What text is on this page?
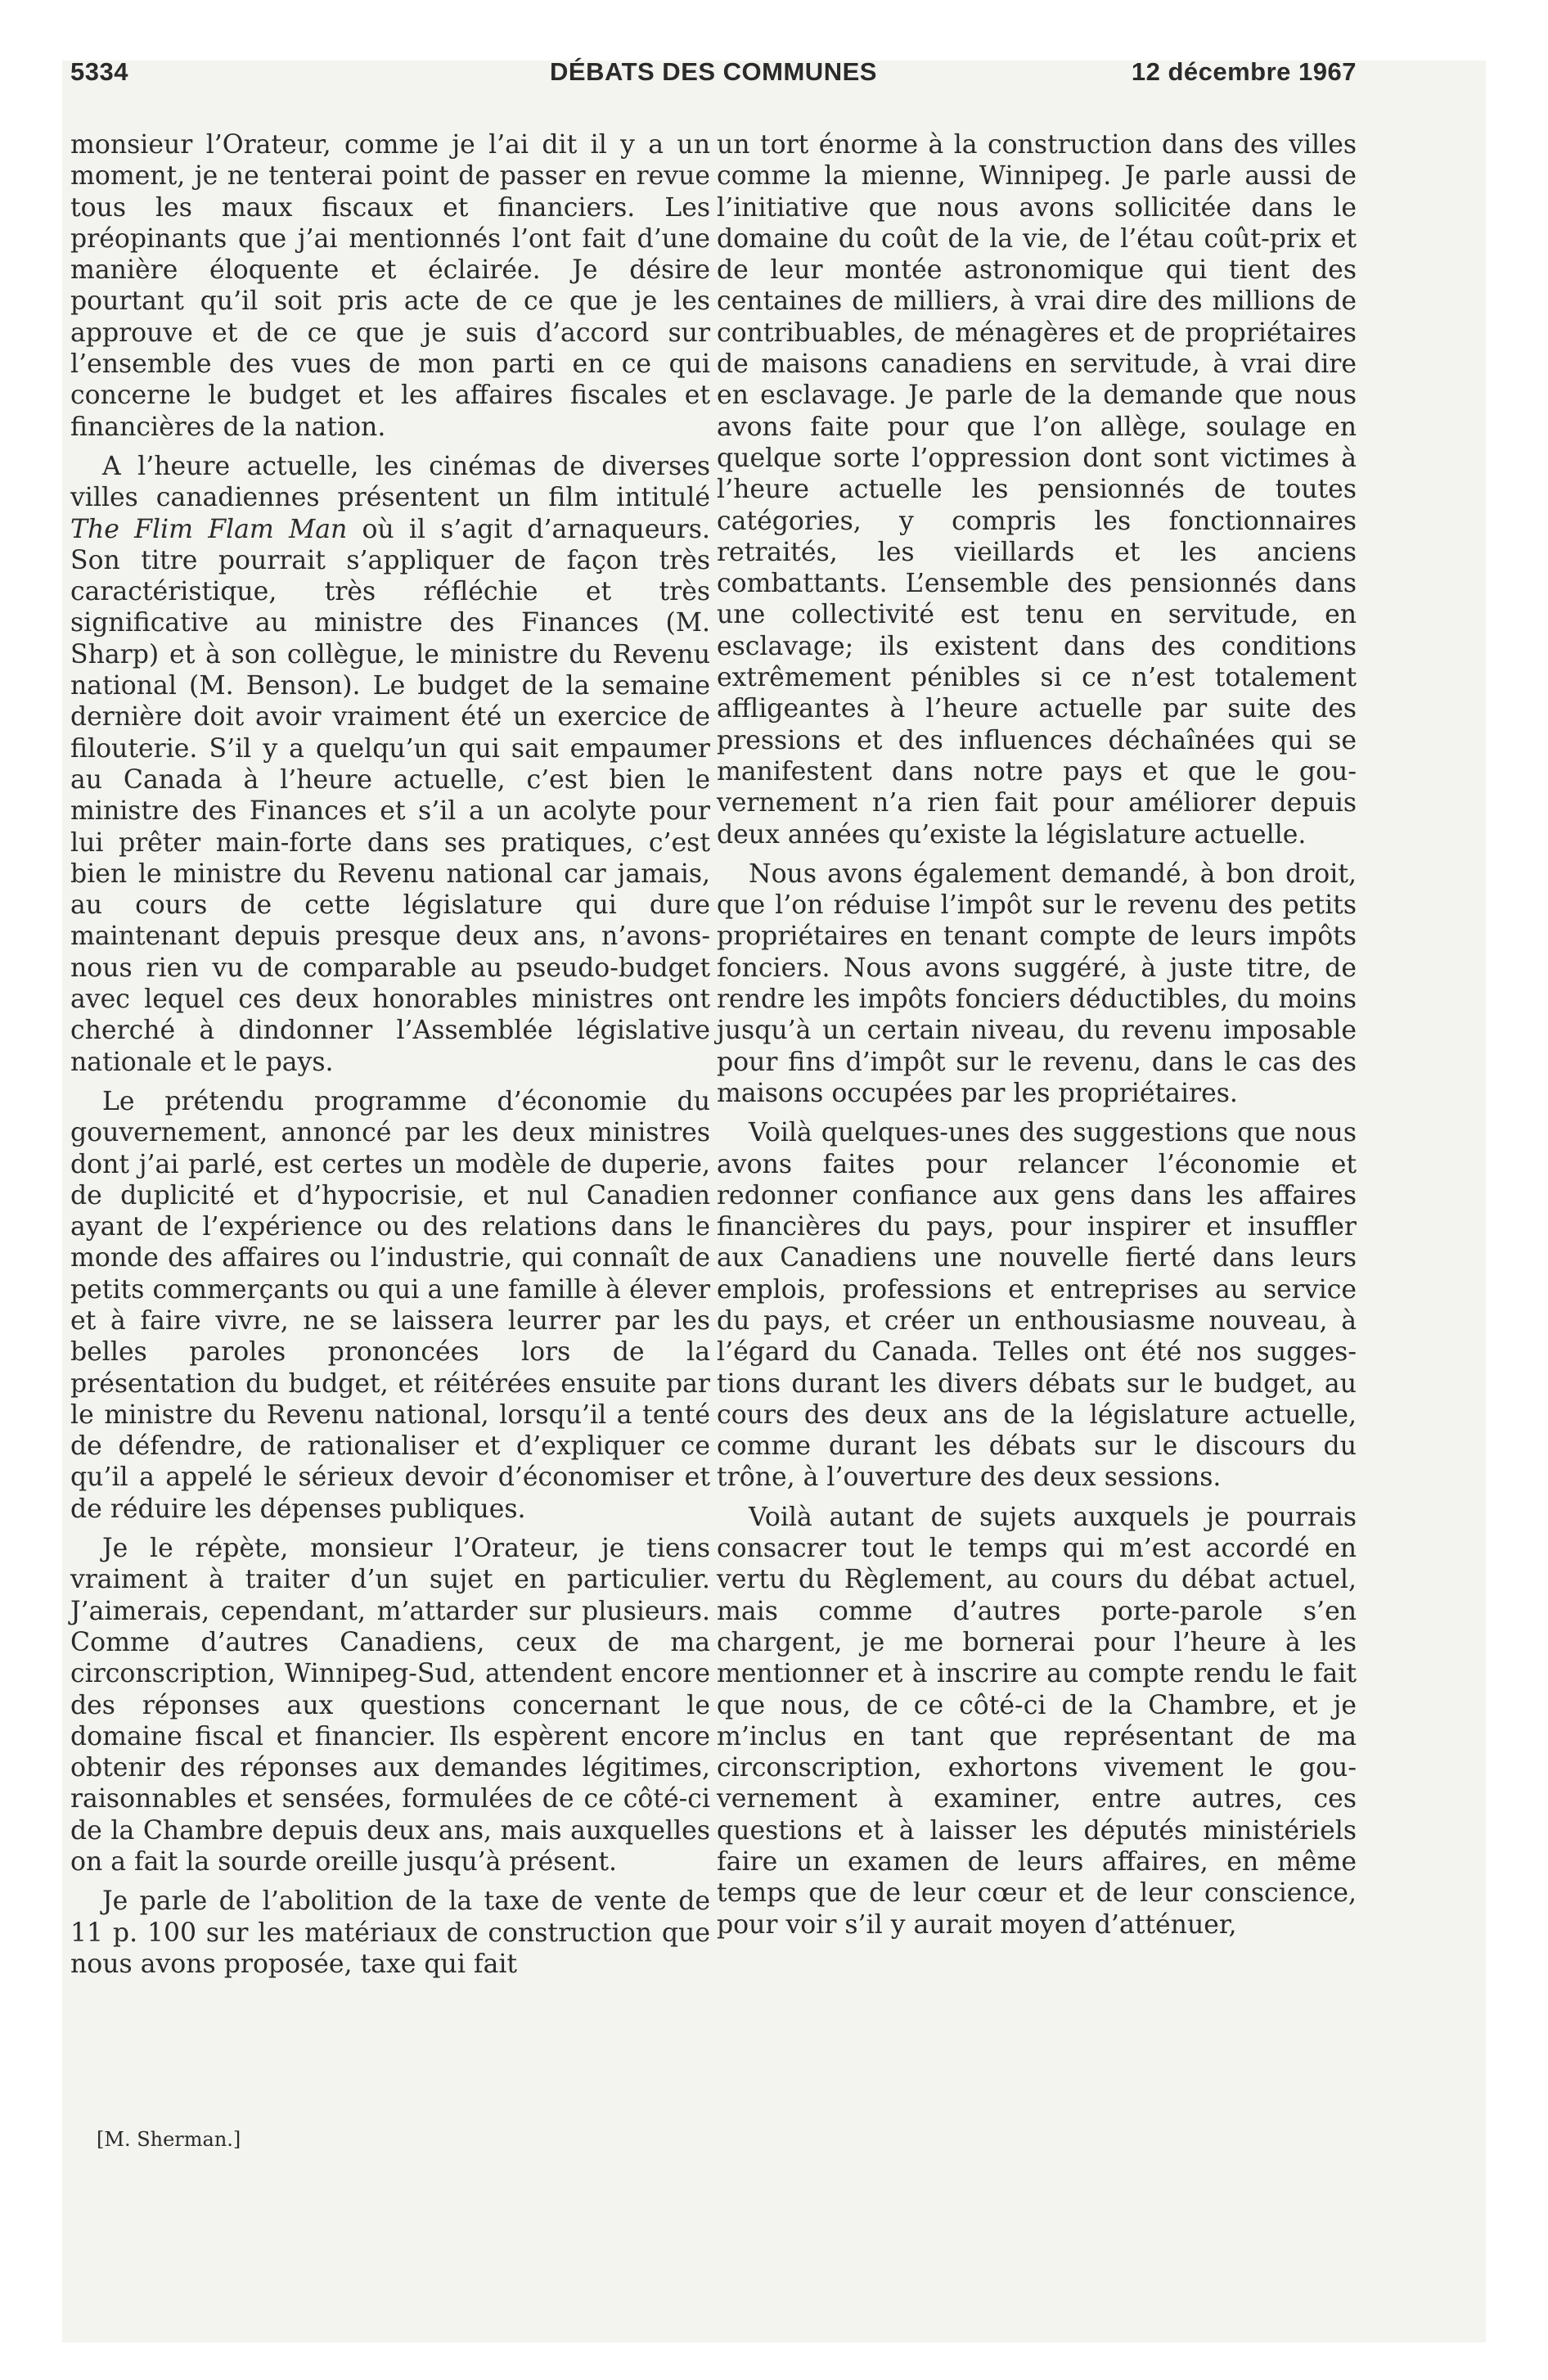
5334	DÉBATS DES COMMUNES	12 décembre 1967

monsieur l’Orateur, comme je l’ai dit il y a un moment, je ne tenterai point de passer en revue tous les maux fiscaux et financiers. Les préopinants que j’ai mentionnés l’ont fait d’une manière éloquente et éclairée. Je désire pourtant qu’il soit pris acte de ce que je les approuve et de ce que je suis d’accord sur l’ensemble des vues de mon parti en ce qui concerne le budget et les affaires fiscales et financières de la nation.

A l’heure actuelle, les cinémas de diverses villes canadiennes présentent un film intitulé The Flim Flam Man où il s’agit d’arnaqueurs. Son titre pourrait s’appliquer de façon très caractéristique, très réfléchie et très significative au ministre des Finances (M. Sharp) et à son collègue, le ministre du Revenu national (M. Benson). Le budget de la semaine dernière doit avoir vraiment été un exercice de filouterie. S’il y a quelqu’un qui sait empaumer au Canada à l’heure actuelle, c’est bien le ministre des Finances et s’il a un acolyte pour lui prêter main-forte dans ses pratiques, c’est bien le ministre du Revenu national car jamais, au cours de cette législature qui dure maintenant depuis presque deux ans, n’avons-nous rien vu de comparable au pseudo-budget avec lequel ces deux honorables ministres ont cherché à dindonner l’Assemblée législative nationale et le pays.

Le prétendu programme d’économie du gouvernement, annoncé par les deux ministres dont j’ai parlé, est certes un modèle de duperie, de duplicité et d’hypocrisie, et nul Canadien ayant de l’expérience ou des relations dans le monde des affaires ou l’industrie, qui connaît de petits commerçants ou qui a une famille à élever et à faire vivre, ne se laissera leurrer par les belles paroles prononcées lors de la présentation du budget, et réitérées ensuite par le ministre du Revenu national, lorsqu’il a tenté de défendre, de rationaliser et d’expliquer ce qu’il a appelé le sérieux devoir d’économiser et de réduire les dépenses publiques.

Je le répète, monsieur l’Orateur, je tiens vraiment à traiter d’un sujet en particulier. J’aimerais, cependant, m’attarder sur plusieurs. Comme d’autres Canadiens, ceux de ma circonscription, Winnipeg-Sud, attendent encore des réponses aux questions concernant le domaine fiscal et financier. Ils espèrent encore obtenir des réponses aux demandes légitimes, raisonnables et sensées, formulées de ce côté-ci de la Chambre depuis deux ans, mais auxquelles on a fait la sourde oreille jusqu’à présent.

Je parle de l’abolition de la taxe de vente de 11 p. 100 sur les matériaux de construction que nous avons proposée, taxe qui fait

[M. Sherman.]

un tort énorme à la construction dans des villes comme la mienne, Winnipeg. Je parle aussi de l’initiative que nous avons sollicitée dans le domaine du coût de la vie, de l’étau coût-prix et de leur montée astronomique qui tient des centaines de milliers, à vrai dire des millions de contribuables, de ménagères et de propriétaires de maisons canadiens en servitude, à vrai dire en esclavage. Je parle de la demande que nous avons faite pour que l’on allège, soulage en quelque sorte l’oppression dont sont victimes à l’heure actuelle les pensionnés de toutes catégories, y compris les fonctionnaires retraités, les vieillards et les anciens combattants. L’ensemble des pensionnés dans une collectivité est tenu en servitude, en esclavage; ils existent dans des conditions extrêmement pénibles si ce n’est totalement affligeantes à l’heure actuelle par suite des pressions et des influences déchaînées qui se manifestent dans notre pays et que le gouvernement n’a rien fait pour améliorer depuis deux années qu’existe la législature actuelle.

Nous avons également demandé, à bon droit, que l’on réduise l’impôt sur le revenu des petits propriétaires en tenant compte de leurs impôts fonciers. Nous avons suggéré, à juste titre, de rendre les impôts fonciers déductibles, du moins jusqu’à un certain niveau, du revenu imposable pour fins d’impôt sur le revenu, dans le cas des maisons occupées par les propriétaires.

Voilà quelques-unes des suggestions que nous avons faites pour relancer l’économie et redonner confiance aux gens dans les affaires financières du pays, pour inspirer et insuffler aux Canadiens une nouvelle fierté dans leurs emplois, professions et entreprises au service du pays, et créer un enthousiasme nouveau, à l’égard du Canada. Telles ont été nos suggestions durant les divers débats sur le budget, au cours des deux ans de la législature actuelle, comme durant les débats sur le discours du trône, à l’ouverture des deux sessions.

Voilà autant de sujets auxquels je pourrais consacrer tout le temps qui m’est accordé en vertu du Règlement, au cours du débat actuel, mais comme d’autres porte-parole s’en chargent, je me bornerai pour l’heure à les mentionner et à inscrire au compte rendu le fait que nous, de ce côté-ci de la Chambre, et je m’inclus en tant que représentant de ma circonscription, exhortons vivement le gouvernement à examiner, entre autres, ces questions et à laisser les députés ministériels faire un examen de leurs affaires, en même temps que de leur cœur et de leur conscience, pour voir s’il y aurait moyen d’atténuer,
